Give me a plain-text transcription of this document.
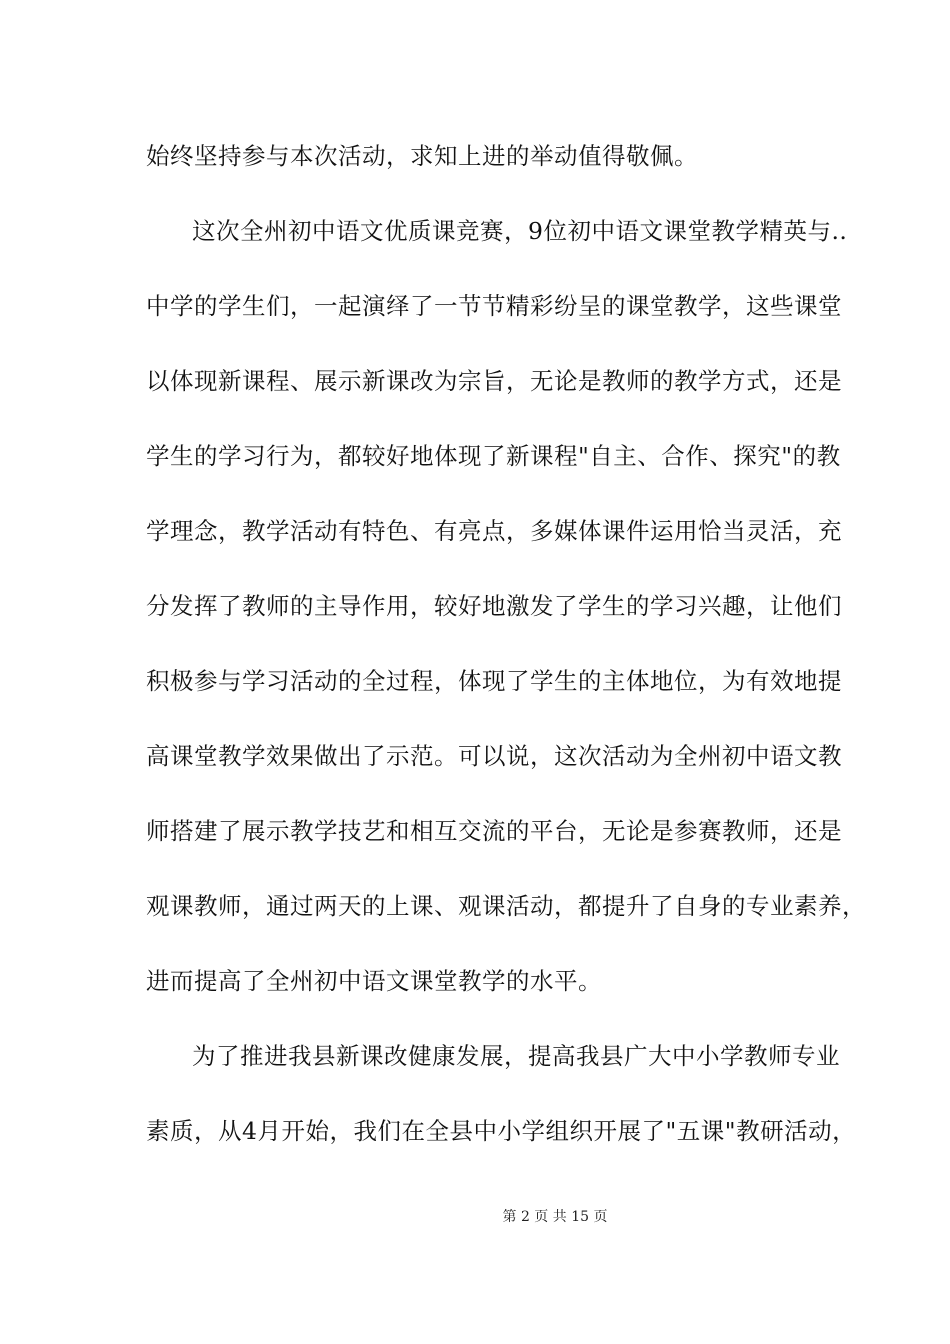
始终坚持参与本次活动，求知上进的举动值得敬佩。
这次全州初中语文优质课竞赛，9位初中语文课堂教学精英与..
中学的学生们，一起演绎了一节节精彩纷呈的课堂教学，这些课堂
以体现新课程、展示新课改为宗旨，无论是教师的教学方式，还是
学生的学习行为，都较好地体现了新课程"自主、合作、探究"的教
学理念，教学活动有特色、有亮点，多媒体课件运用恰当灵活，充
分发挥了教师的主导作用，较好地激发了学生的学习兴趣，让他们
积极参与学习活动的全过程，体现了学生的主体地位，为有效地提
高课堂教学效果做出了示范。可以说，这次活动为全州初中语文教
师搭建了展示教学技艺和相互交流的平台，无论是参赛教师，还是
观课教师，通过两天的上课、观课活动，都提升了自身的专业素养，
进而提高了全州初中语文课堂教学的水平。
为了推进我县新课改健康发展，提高我县广大中小学教师专业
素质，从4月开始，我们在全县中小学组织开展了"五课"教研活动，
第 2 页 共 15 页
